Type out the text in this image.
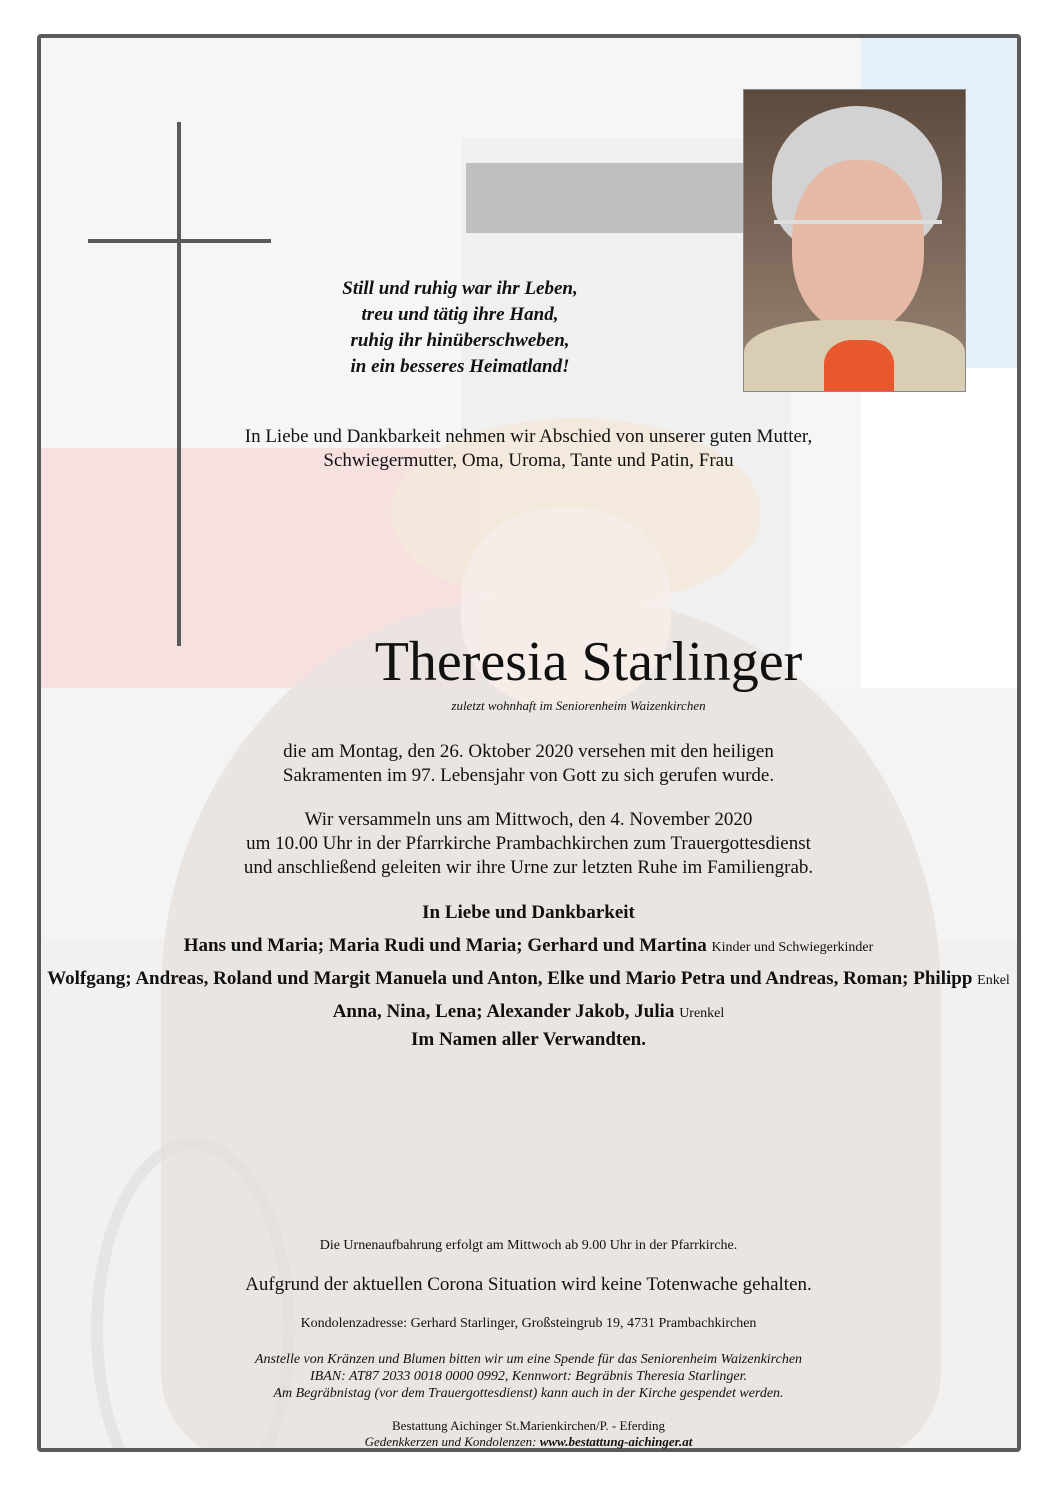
Still und ruhig war ihr Leben,
treu und tätig ihre Hand,
ruhig ihr hinüberschweben,
in ein besseres Heimatland!
In Liebe und Dankbarkeit nehmen wir Abschied von unserer guten Mutter,
Schwiegermutter, Oma, Uroma, Tante und Patin, Frau
Theresia Starlinger
zuletzt wohnhaft im Seniorenheim Waizenkirchen
die am Montag, den 26. Oktober 2020 versehen mit den heiligen
Sakramenten im 97. Lebensjahr von Gott zu sich gerufen wurde.
Wir versammeln uns am Mittwoch, den 4. November 2020
um 10.00 Uhr in der Pfarrkirche Prambachkirchen zum Trauergottesdienst
und anschließend geleiten wir ihre Urne zur letzten Ruhe im Familiengrab.
In Liebe und Dankbarkeit
Hans und Maria; Maria Rudi und Maria; Gerhard und Martina Kinder und Schwiegerkinder
Wolfgang; Andreas, Roland und Margit Manuela und Anton, Elke und Mario Petra und Andreas, Roman; Philipp Enkel
Anna, Nina, Lena; Alexander Jakob, Julia Urenkel
Im Namen aller Verwandten.
Die Urnenaufbahrung erfolgt am Mittwoch ab 9.00 Uhr in der Pfarrkirche.
Aufgrund der aktuellen Corona Situation wird keine Totenwache gehalten.
Kondolenzadresse: Gerhard Starlinger, Großsteingrub 19, 4731 Prambachkirchen
Anstelle von Kränzen und Blumen bitten wir um eine Spende für das Seniorenheim Waizenkirchen
IBAN: AT87 2033 0018 0000 0992, Kennwort: Begräbnis Theresia Starlinger.
Am Begräbnistag (vor dem Trauergottesdienst) kann auch in der Kirche gespendet werden.
Bestattung Aichinger St.Marienkirchen/P. - Eferding
Gedenkkerzen und Kondolenzen: www.bestattung-aichinger.at
